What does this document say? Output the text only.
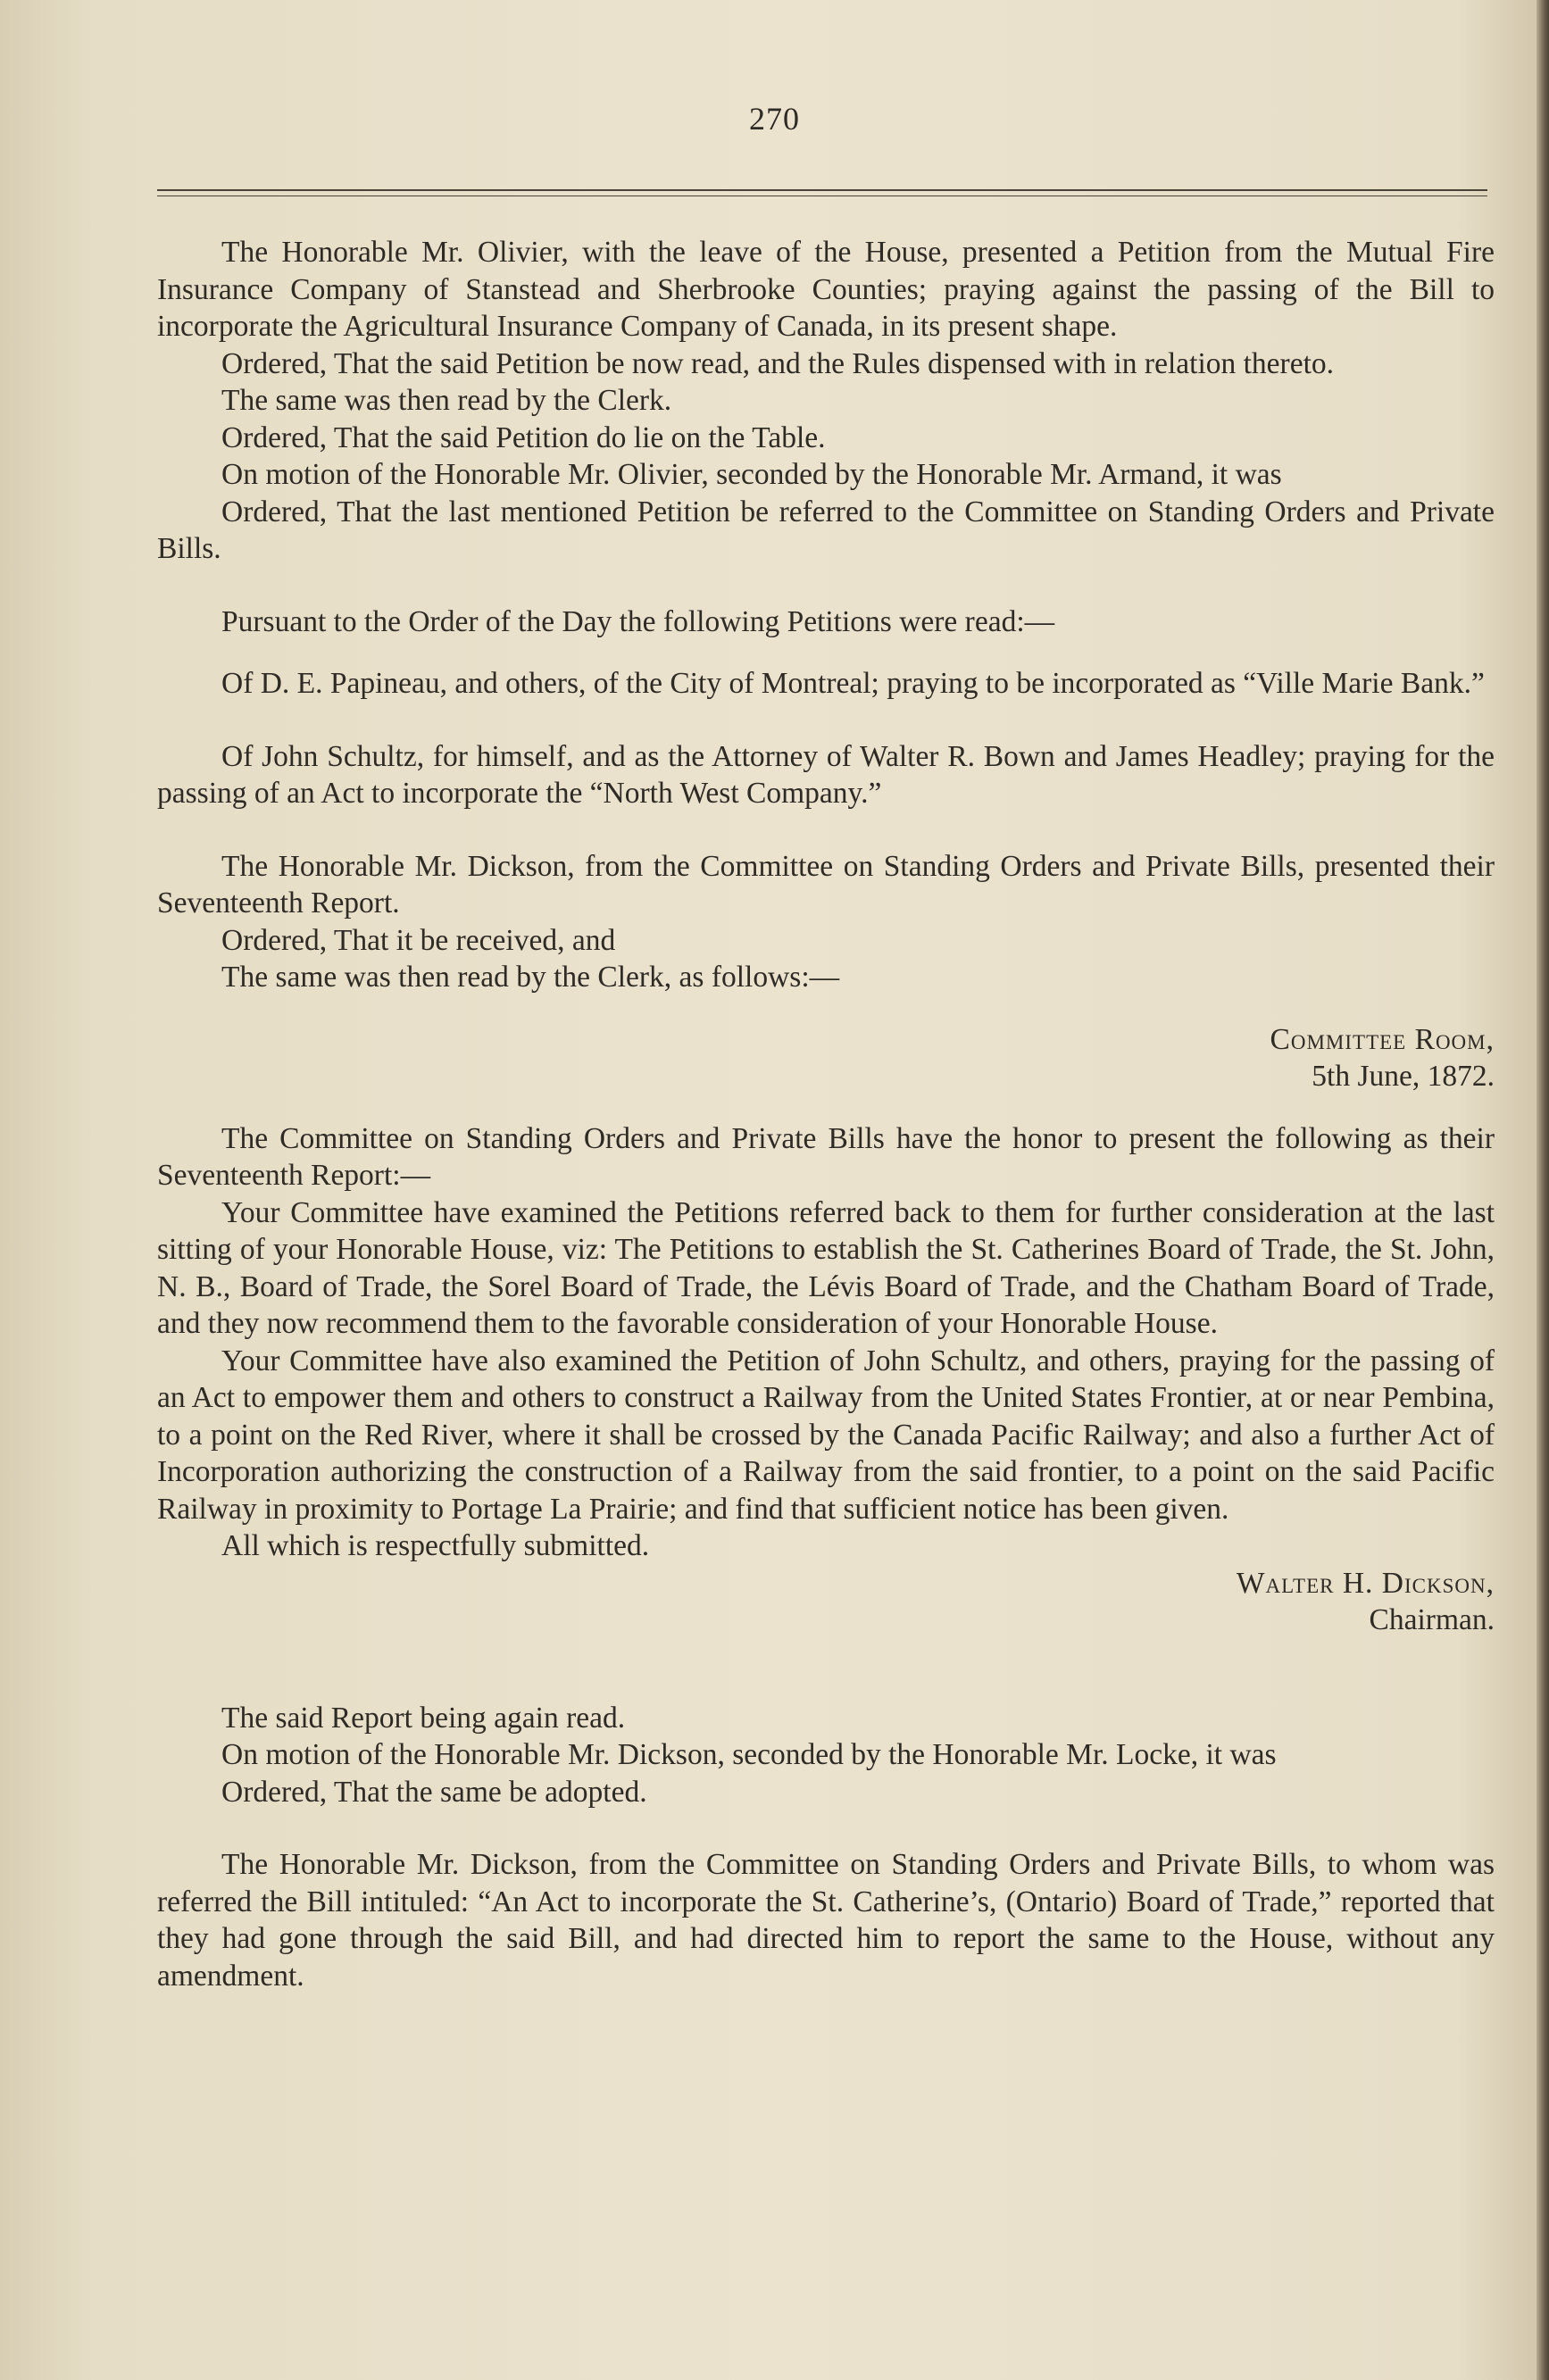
270

The Honorable Mr. Olivier, with the leave of the House, presented a Petition from the Mutual Fire Insurance Company of Stanstead and Sherbrooke Counties; praying against the passing of the Bill to incorporate the Agricultural Insurance Company of Canada, in its present shape.

Ordered, That the said Petition be now read, and the Rules dispensed with in relation thereto.

The same was then read by the Clerk.

Ordered, That the said Petition do lie on the Table.

On motion of the Honorable Mr. Olivier, seconded by the Honorable Mr. Armand, it was

Ordered, That the last mentioned Petition be referred to the Committee on Standing Orders and Private Bills.

Pursuant to the Order of the Day the following Petitions were read:—

Of D. E. Papineau, and others, of the City of Montreal; praying to be incorporated as “Ville Marie Bank.”

Of John Schultz, for himself, and as the Attorney of Walter R. Bown and James Headley; praying for the passing of an Act to incorporate the “North West Company.”

The Honorable Mr. Dickson, from the Committee on Standing Orders and Private Bills, presented their Seventeenth Report.

Ordered, That it be received, and

The same was then read by the Clerk, as follows:—

Committee Room,

5th June, 1872.

The Committee on Standing Orders and Private Bills have the honor to present the following as their Seventeenth Report:—

Your Committee have examined the Petitions referred back to them for further consideration at the last sitting of your Honorable House, viz: The Petitions to establish the St. Catherines Board of Trade, the St. John, N. B., Board of Trade, the Sorel Board of Trade, the Lévis Board of Trade, and the Chatham Board of Trade, and they now recommend them to the favorable consideration of your Honorable House.

Your Committee have also examined the Petition of John Schultz, and others, praying for the passing of an Act to empower them and others to construct a Railway from the United States Frontier, at or near Pembina, to a point on the Red River, where it shall be crossed by the Canada Pacific Railway; and also a further Act of Incorporation authorizing the construction of a Railway from the said frontier, to a point on the said Pacific Railway in proximity to Portage La Prairie; and find that sufficient notice has been given.

All which is respectfully submitted.

Walter H. Dickson,

Chairman.

The said Report being again read.

On motion of the Honorable Mr. Dickson, seconded by the Honorable Mr. Locke, it was

Ordered, That the same be adopted.

The Honorable Mr. Dickson, from the Committee on Standing Orders and Private Bills, to whom was referred the Bill intituled: “An Act to incorporate the St. Catherine’s, (Ontario) Board of Trade,” reported that they had gone through the said Bill, and had directed him to report the same to the House, without any amendment.
